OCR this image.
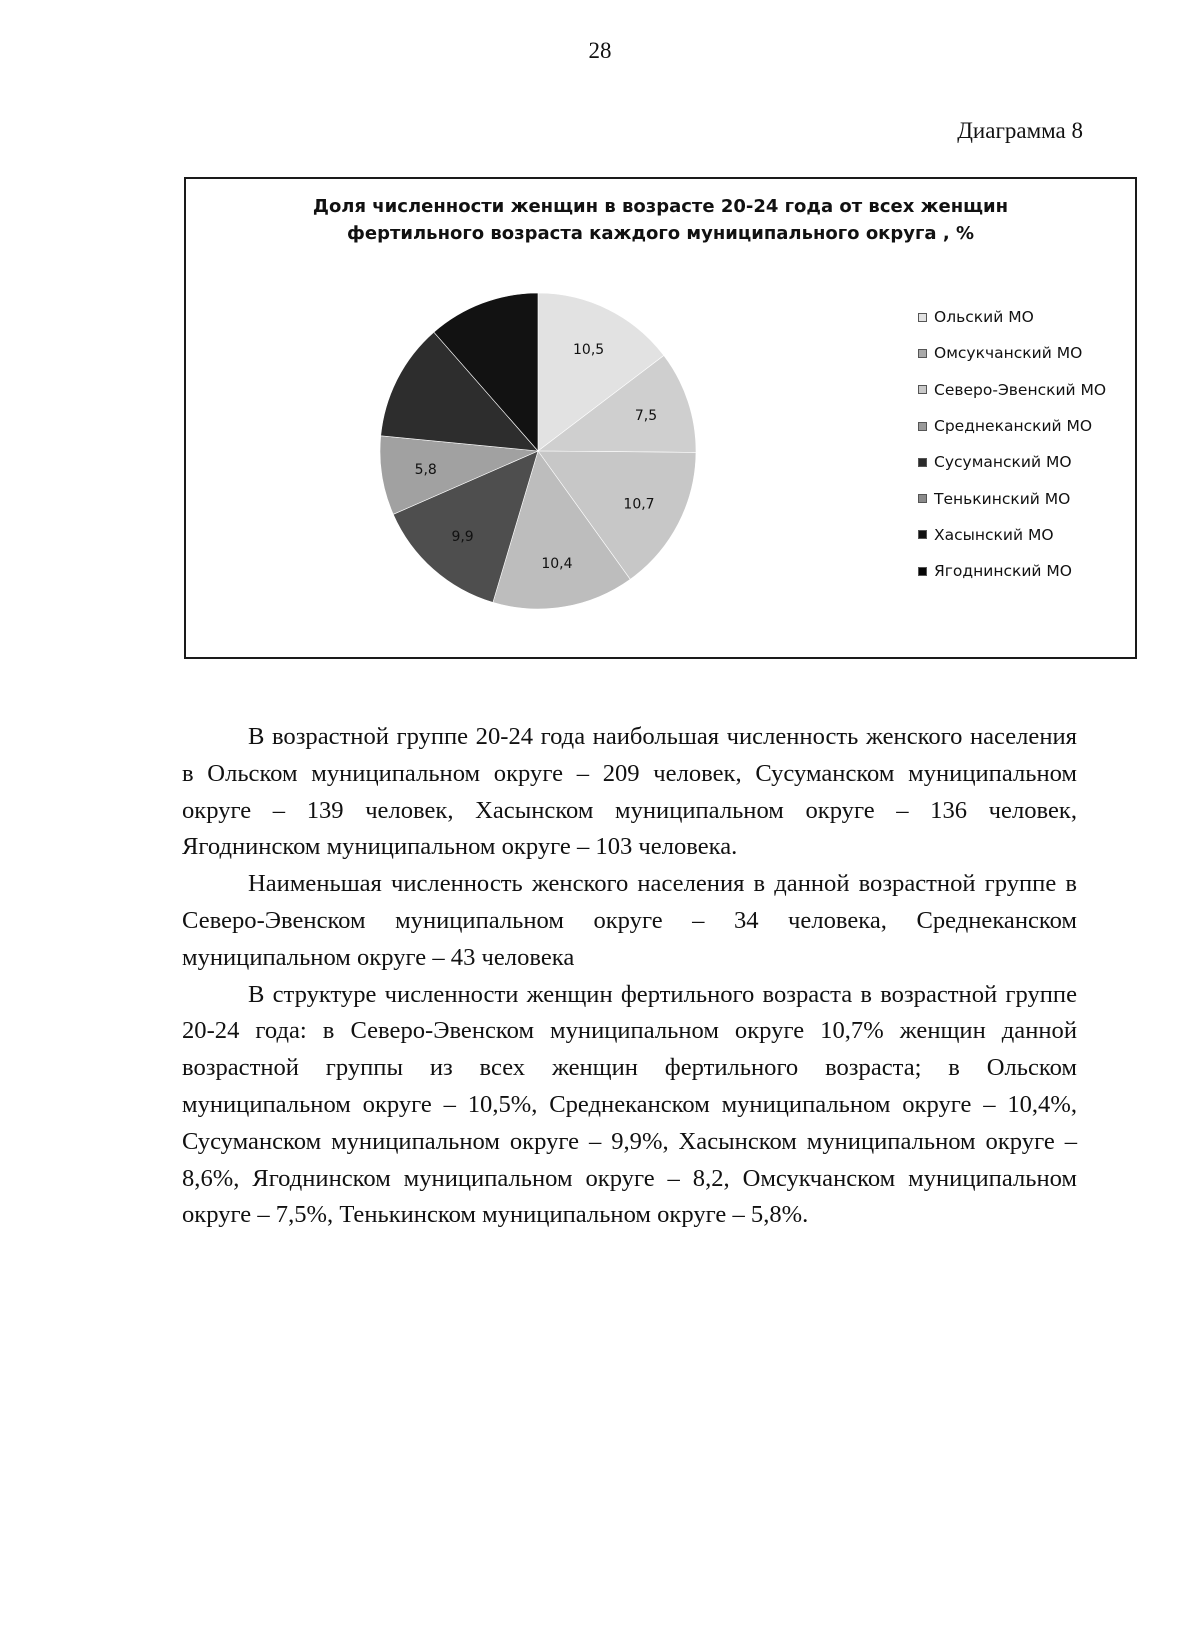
28
Диаграмма 8
Доля численности женщин в возрасте 20-24 года от всех женщин
фертильного возраста каждого муниципального округа , %
10,5
7,5
10,7
10,4
9,9
5,8
Ольский МО
Омсукчанский МО
Северо-Эвенский МО
Среднеканский МО
Сусуманский МО
Тенькинский МО
Хасынский МО
Ягоднинский МО

В возрастной группе 20-24 года наибольшая численность женского населения в Ольском муниципальном округе – 209 человек, Сусуманском муниципальном округе – 139 человек, Хасынском муниципальном округе – 136 человек, Ягоднинском муниципальном округе – 103 человека.

Наименьшая численность женского населения в данной возрастной группе в Северо-Эвенском муниципальном округе – 34 человека, Среднеканском муниципальном округе – 43 человека

В структуре численности женщин фертильного возраста в возрастной группе 20-24 года: в Северо-Эвенском муниципальном округе 10,7% женщин данной возрастной группы из всех женщин фертильного возраста; в Ольском муниципальном округе – 10,5%, Среднеканском муниципальном округе – 10,4%, Сусуманском муниципальном округе – 9,9%, Хасынском муниципальном округе – 8,6%, Ягоднинском муниципальном округе – 8,2, Омсукчанском муниципальном округе – 7,5%, Тенькинском муниципальном округе – 5,8%.
